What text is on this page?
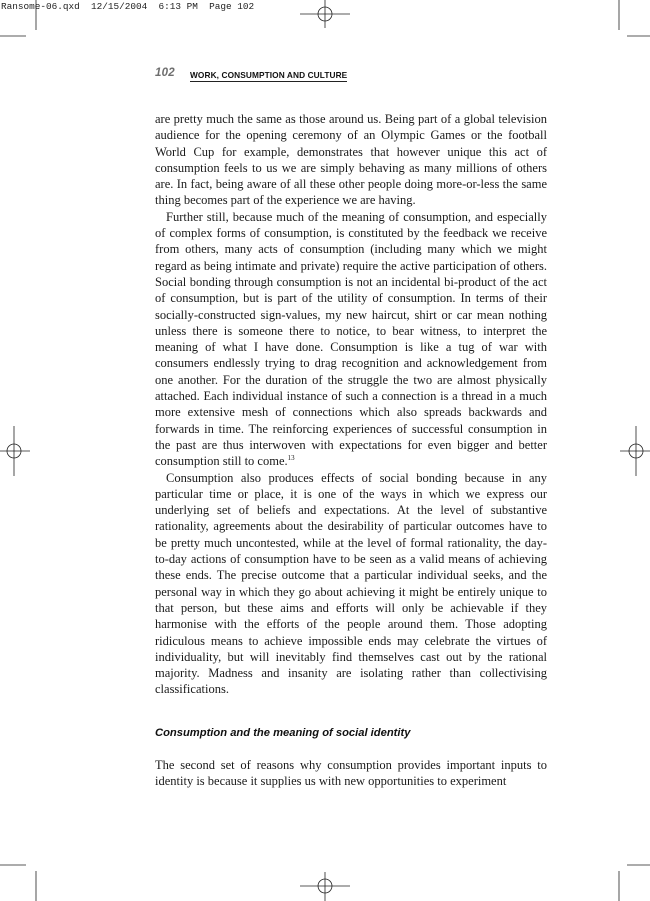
Ransome-06.qxd  12/15/2004  6:13 PM  Page 102
102 WORK, CONSUMPTION AND CULTURE

are pretty much the same as those around us. Being part of a global television audience for the opening ceremony of an Olympic Games or the football World Cup for example, demonstrates that however unique this act of consumption feels to us we are simply behaving as many millions of others are. In fact, being aware of all these other people doing more-or-less the same thing becomes part of the experience we are having.

Further still, because much of the meaning of consumption, and especially of complex forms of consumption, is constituted by the feedback we receive from others, many acts of consumption (including many which we might regard as being intimate and private) require the active participation of others. Social bonding through consumption is not an incidental bi-product of the act of consumption, but is part of the utility of consumption. In terms of their socially-constructed sign-values, my new haircut, shirt or car mean nothing unless there is someone there to notice, to bear witness, to interpret the meaning of what I have done. Consumption is like a tug of war with consumers endlessly trying to drag recognition and acknowledgement from one another. For the duration of the struggle the two are almost physically attached. Each individual instance of such a connection is a thread in a much more extensive mesh of connections which also spreads backwards and forwards in time. The reinforcing experiences of successful consumption in the past are thus interwoven with expectations for even bigger and better consumption still to come.$^{13}$

Consumption also produces effects of social bonding because in any particular time or place, it is one of the ways in which we express our underlying set of beliefs and expectations. At the level of substantive rationality, agreements about the desirability of particular outcomes have to be pretty much uncontested, while at the level of formal rationality, the day-to-day actions of consumption have to be seen as a valid means of achieving these ends. The precise outcome that a particular individual seeks, and the personal way in which they go about achieving it might be entirely unique to that person, but these aims and efforts will only be achievable if they harmonise with the efforts of the people around them. Those adopting ridiculous means to achieve impossible ends may celebrate the virtues of individuality, but will inevitably find themselves cast out by the rational majority. Madness and insanity are isolating rather than collectivising classifications.

Consumption and the meaning of social identity

The second set of reasons why consumption provides important inputs to identity is because it supplies us with new opportunities to experiment
